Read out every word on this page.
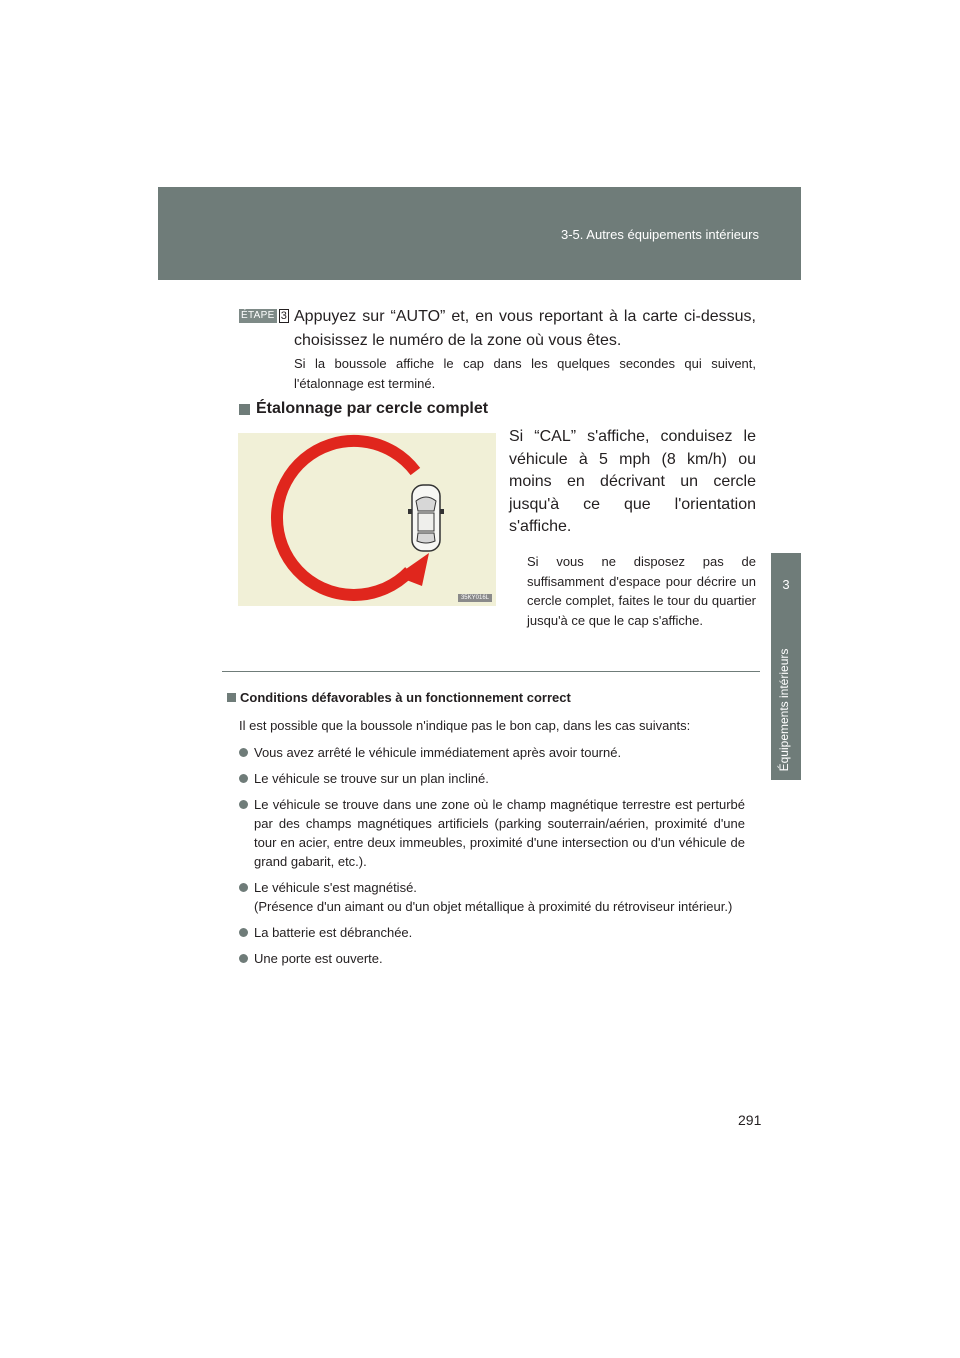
3-5. Autres équipements intérieurs
3
Équipements intérieurs
ÉTAPE 3 Appuyez sur “AUTO” et, en vous reportant à la carte ci-dessus, choisissez le numéro de la zone où vous êtes.
Si la boussole affiche le cap dans les quelques secondes qui suivent, l'étalonnage est terminé.
Étalonnage par cercle complet
35KY016L
Si “CAL” s'affiche, conduisez le véhicule à 5 mph (8 km/h) ou moins en décrivant un cercle jusqu'à ce que l'orientation s'affiche.
Si vous ne disposez pas de suffisamment d'espace pour décrire un cercle complet, faites le tour du quartier jusqu'à ce que le cap s'affiche.
Conditions défavorables à un fonctionnement correct
Il est possible que la boussole n'indique pas le bon cap, dans les cas suivants:
Vous avez arrêté le véhicule immédiatement après avoir tourné.
Le véhicule se trouve sur un plan incliné.
Le véhicule se trouve dans une zone où le champ magnétique terrestre est perturbé par des champs magnétiques artificiels (parking souterrain/aérien, proximité d'une tour en acier, entre deux immeubles, proximité d'une intersection ou d'un véhicule de grand gabarit, etc.).
Le véhicule s'est magnétisé.
(Présence d'un aimant ou d'un objet métallique à proximité du rétroviseur intérieur.)
La batterie est débranchée.
Une porte est ouverte.
291
